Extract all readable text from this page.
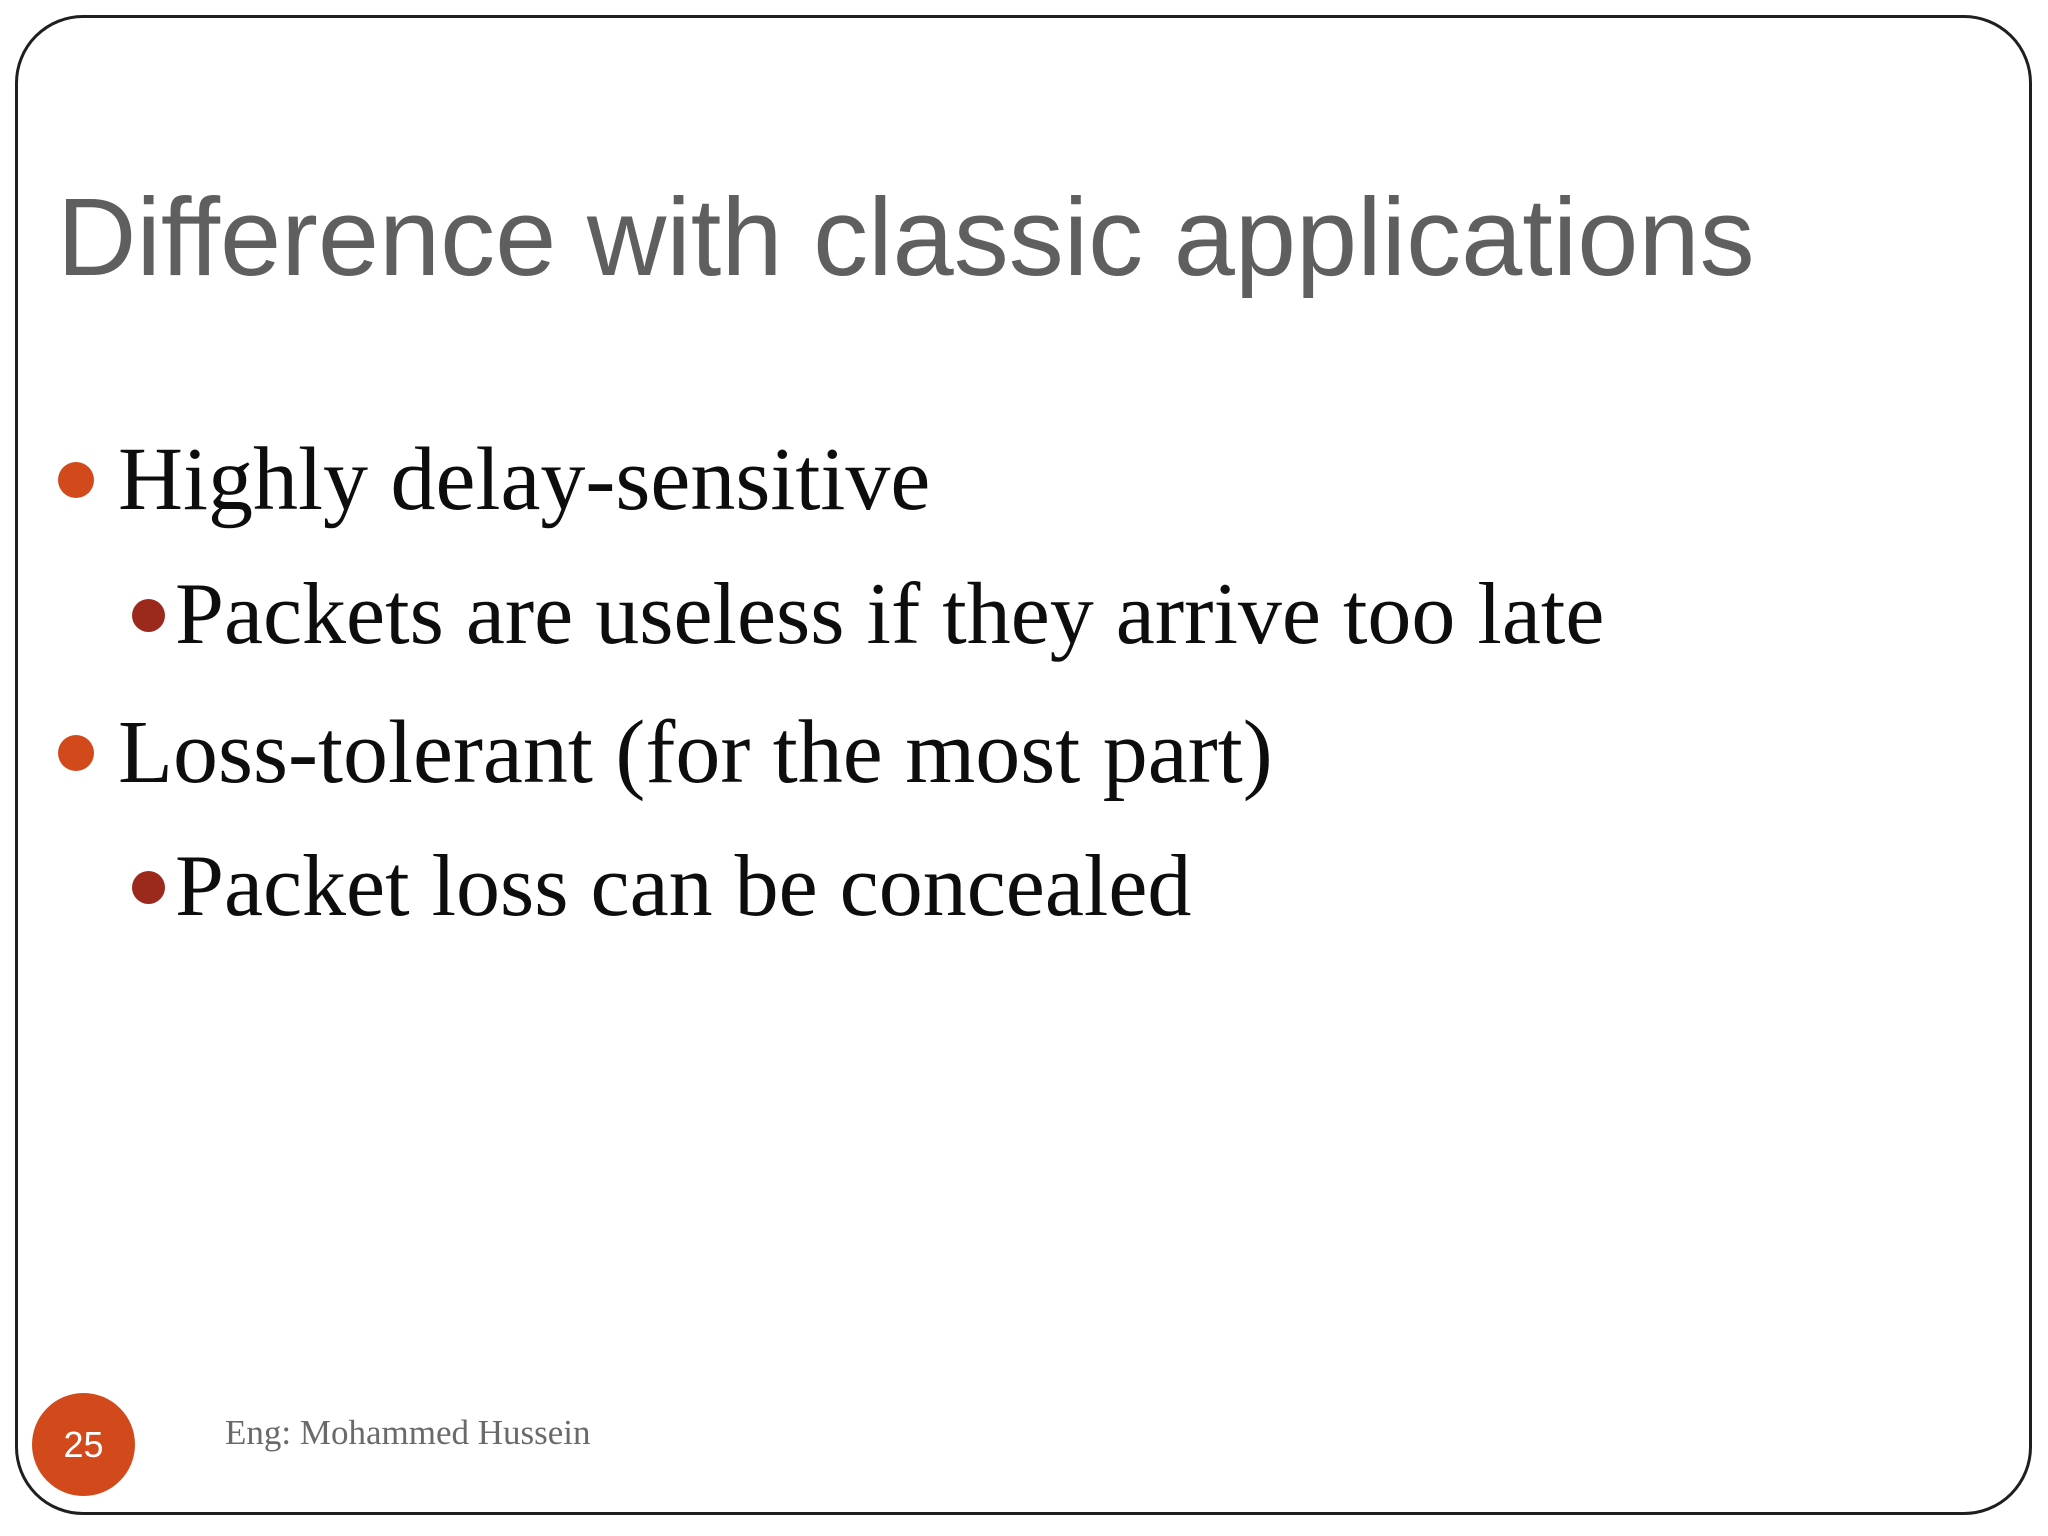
Difference with classic applications
Highly delay-sensitive
Packets are useless if they arrive too late
Loss-tolerant (for the most part)
Packet loss can be concealed
25	Eng: Mohammed Hussein
